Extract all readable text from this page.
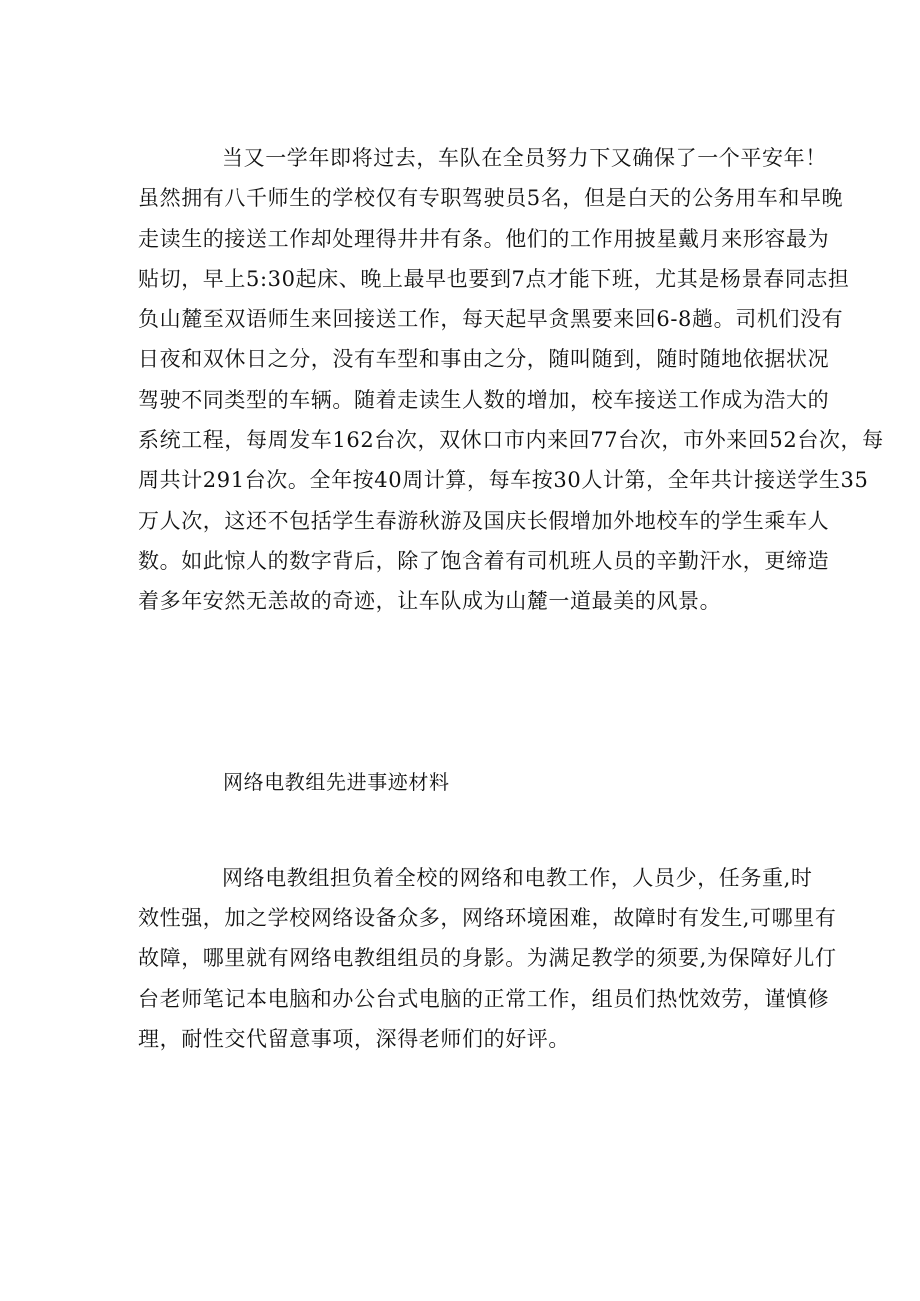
当又一学年即将过去，车队在全员努力下又确保了一个平安年！
虽然拥有八千师生的学校仅有专职驾驶员5名，但是白天的公务用车和早晚
走读生的接送工作却处理得井井有条。他们的工作用披星戴月来形容最为
贴切，早上5:30起床、晚上最早也要到7点才能下班，尤其是杨景春同志担
负山麓至双语师生来回接送工作，每天起早贪黑要来回6-8趟。司机们没有
日夜和双休日之分，没有车型和事由之分，随叫随到，随时随地依据状况
驾驶不同类型的车辆。随着走读生人数的增加，校车接送工作成为浩大的
系统工程，每周发车162台次，双休口市内来回77台次，市外来回52台次，每
周共计291台次。全年按40周计算，每车按30人计第，全年共计接送学生35
万人次，这还不包括学生春游秋游及国庆长假增加外地校车的学生乘车人
数。如此惊人的数字背后，除了饱含着有司机班人员的辛勤汗水，更缔造
着多年安然无恙故的奇迹，让车队成为山麓一道最美的风景。
网络电教组先进事迹材料
网络电教组担负着全校的网络和电教工作，人员少，任务重,时
效性强，加之学校网络设备众多，网络环境困难，故障时有发生,可哪里有
故障，哪里就有网络电教组组员的身影。为满足教学的须要,为保障好儿仃
台老师笔记本电脑和办公台式电脑的正常工作，组员们热忱效劳，谨慎修
理，耐性交代留意事项，深得老师们的好评。
